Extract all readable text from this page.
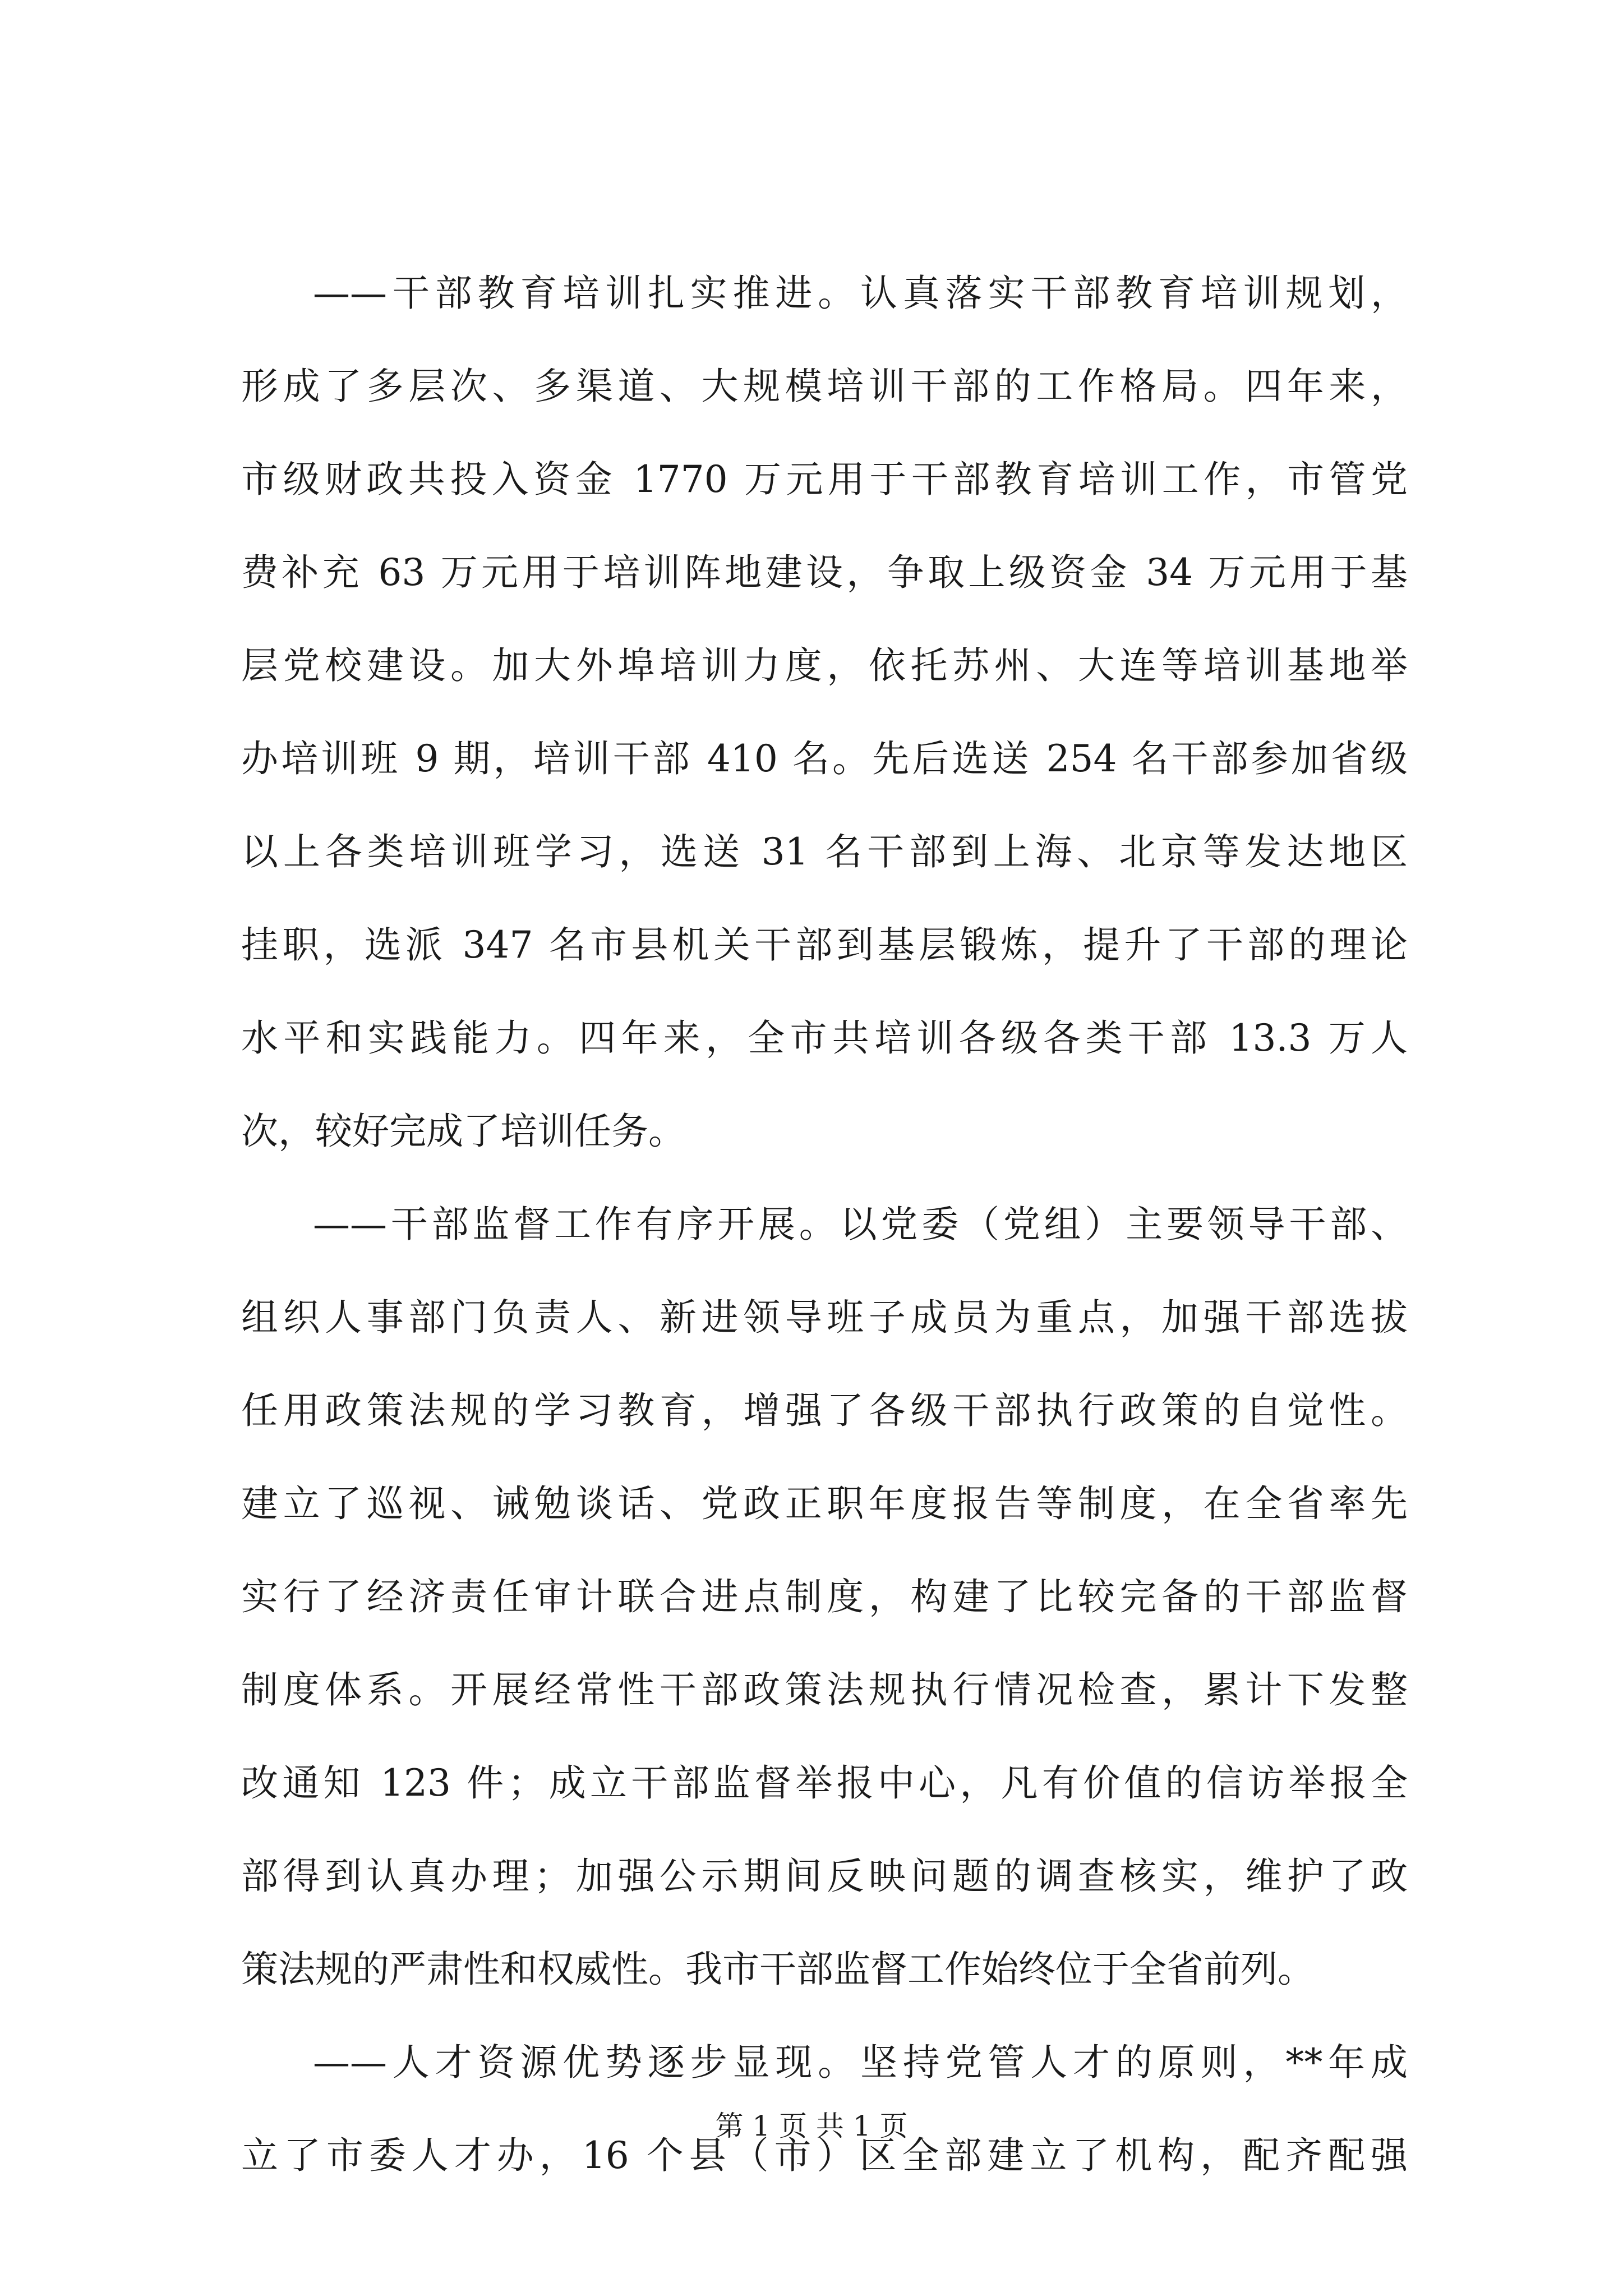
——干部教育培训扎实推进。认真落实干部教育培训规划，
形成了多层次、多渠道、大规模培训干部的工作格局。四年来，
市级财政共投入资金 1770 万元用于干部教育培训工作，市管党
费补充 63 万元用于培训阵地建设，争取上级资金 34 万元用于基
层党校建设。加大外埠培训力度，依托苏州、大连等培训基地举
办培训班 9 期，培训干部 410 名。先后选送 254 名干部参加省级
以上各类培训班学习，选送 31 名干部到上海、北京等发达地区
挂职，选派 347 名市县机关干部到基层锻炼，提升了干部的理论
水平和实践能力。四年来，全市共培训各级各类干部 13.3 万人
次，较好完成了培训任务。
——干部监督工作有序开展。以党委（党组）主要领导干部、
组织人事部门负责人、新进领导班子成员为重点，加强干部选拔
任用政策法规的学习教育，增强了各级干部执行政策的自觉性。
建立了巡视、诫勉谈话、党政正职年度报告等制度，在全省率先
实行了经济责任审计联合进点制度，构建了比较完备的干部监督
制度体系。开展经常性干部政策法规执行情况检查，累计下发整
改通知 123 件；成立干部监督举报中心，凡有价值的信访举报全
部得到认真办理；加强公示期间反映问题的调查核实，维护了政
策法规的严肃性和权威性。我市干部监督工作始终位于全省前列。
——人才资源优势逐步显现。坚持党管人才的原则，**年成
立了市委人才办，16 个县（市）区全部建立了机构，配齐配强
第 1 页 共 1 页
